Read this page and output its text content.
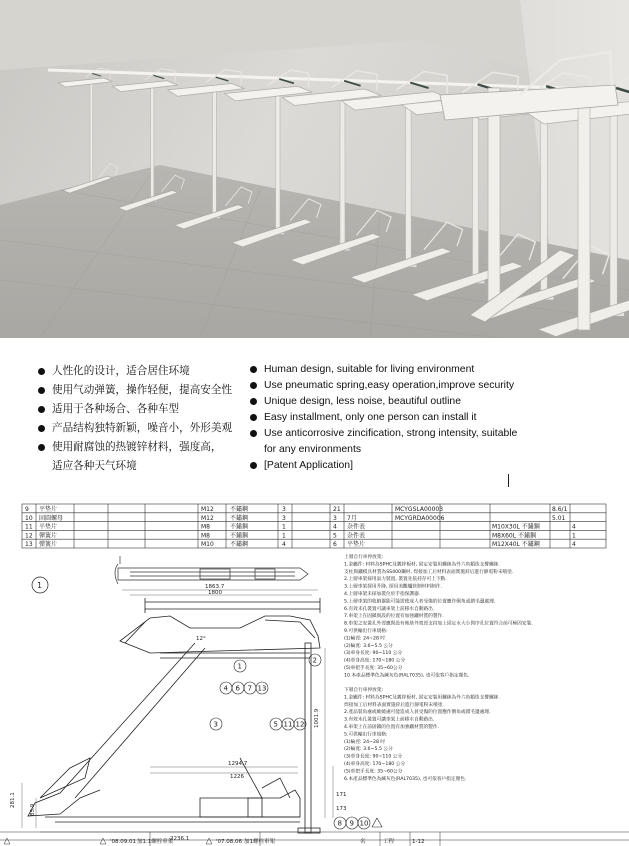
人性化的设计，适合居住环境
使用气动弹簧，操作轻便，提高安全性
适用于各种场合、各种车型
产品结构独特新颖，噪音小，外形美观
使用耐腐蚀的热镀锌材料，强度高，
适应各种天气环境
Human design, suitable for living environment
Use pneumatic spring,easy operation,improve security
Unique design, less noise, beautiful outline
Easy installment, only one person can install it
Use anticorrosive zincification, strong intensity, suitable
for any environments
[Patent Application]
9 平垫片	M12	不鏽鋼	3
10 固圓螺母	M12	不鏽鋼	3
11 平垫片	M8	不鏽鋼	1
12 彈簧片	M8	不鏽鋼	1
13 彈簧片	M10	不鏽鋼	4
21	MCYGSLA00003	8.6/1
3 7月	MCYGRDA00006	5.01
4 杂件表	M10X30L 不鏽鋼	4
5 杂件表	M8X60L 不鏽鋼	1
6 平垫片	M12X40L 不鏽鋼	4
1	1863.7
1800
2236.1
1294.7
1226
281.1
85.9
171
173
1001.9
12°
1
2
3
4 6 7 13
5 11 12
8 9 10
上層自行車停放架:
1.金屬件: 材料為SPHC及鍍鋅板材, 固定安裝用螺絲為外六角鎖迭支撐螺絲.
支柱與鐵模具材質為SS400鋼材, 焊接加工后材料表面實施鋅后進行靜電粉末噴塗.
2.上層車架採用氣力裝置, 裝置先依持存可上下動.
3.上層車架採用升降, 採用美觀爐管制材料制作.
4.上層車架未採加裝位於手指保護器.
5.上層車架的收納器能可能需使成人者受傷的位置應作倒角或錯毛邊處理.
6.有效未孔裝置可讓車架上前移水自動路出.
7.車架上在固鎖與設的位置有加強鐵材質的製作.
8.車架之安裝孔外徑應與設有地基外寬徑支持加上固定永大小與序孔位置符合前可極固安裝.
9.可供輸出行車規格:
(1)輪徑: 24~28 吋
(2)輪寬: 3.6~5.5 公分
(3)車身長度: 90~110 公分
(4)車身高度: 170~180 公分
(5)車把手長度: 35~60公分
10.本產品標準色為緘灰色(RAL7035), 也可依客戶指定顏色.
下層自行車停放架:
1.金屬件: 材料為SPHC及鍍鋅板材, 固定安裝用螺絲為外六角鎖迭支撐螺絲.
焊接加工后材料表面實施鋅后進行靜電粉末噴塗.
2.產品裝角處或維繞處可能造成人員受傷的位置應作倒角或錯毛邊處理.
3.有效未孔裝置可讓車架上前移水自動路出.
4.車架上在前固鎖的位置有加強鐵材質的製作.
5.可供輸出行車規格:
(1)輪徑: 24~28 吋
(2)輪寬: 3.6~5.5 公分
(3)車身長度: 90~110 公分
(4)車身高度: 170~180 公分
(5)車把手長度: 35~60公分
6.本產品標準色為緘灰色(RAL7035), 也可依客戶指定顏色.
'08.09.01 加1.1螺栓車架	'07.08.06 加1螺栓車架	名	工程	1-12
